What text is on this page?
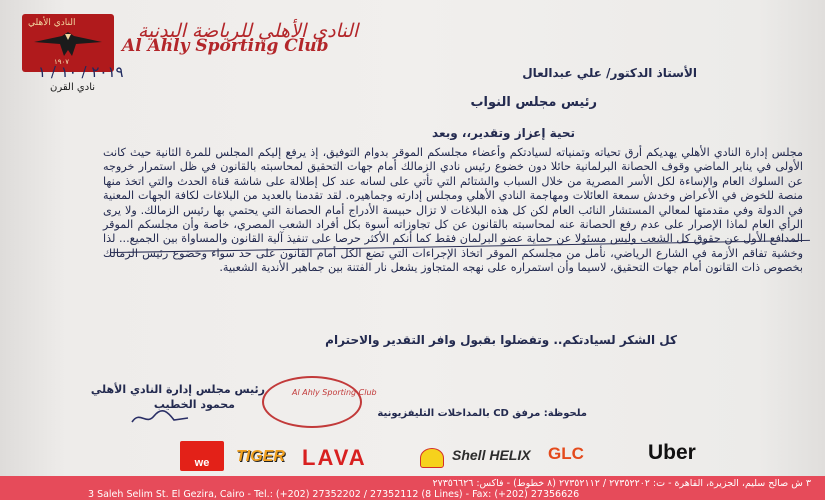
النادي الأهلي
١٩٠٧
النادي الأهلي للرياضة البدنية
Al Ahly Sporting Club
٢٠١٩ / ١٠ / ١
نادي القرن
الأستاذ الدكتور/ علي عبدالعال
رئيس مجلس النواب
تحية إعزاز وتقدير،، وبعد
مجلس إدارة النادي الأهلي يهديكم أرق تحياته وتمنياته لسيادتكم وأعضاء مجلسكم الموقر بدوام التوفيق، إذ يرفع إليكم المجلس للمرة الثانية حيث كانت الأولى في يناير الماضي وقوف الحصانة البرلمانية حائلا دون خضوع رئيس نادي الزمالك أمام جهات التحقيق لمحاسبته بالقانون في ظل استمرار خروجه عن السلوك العام والإساءة لكل الأسر المصرية من خلال السباب والشتائم التي تأتي على لسانه عند كل إطلالة على شاشة قناة الحدث والتي اتخذ منها منصة للخوض في الأعراض وخدش سمعة العائلات ومهاجمة النادي الأهلي ومجلس إدارته وجماهيره. لقد تقدمنا بالعديد من البلاغات لكافة الجهات المعنية في الدولة وفي مقدمتها لمعالي المستشار النائب العام لكن كل هذه البلاغات لا تزال حبيسة الأدراج أمام الحصانة التي يحتمي بها رئيس الزمالك. ولا يرى الرأي العام لماذا الإصرار على عدم رفع الحصانة عنه لمحاسبته بالقانون عن كل تجاوزاته أسوة بكل أفراد الشعب المصري، خاصة وأن مجلسكم الموقر المدافع الأول عن حقوق كل الشعب وليس مسئولا عن حماية عضو البرلمان فقط كما أنكم الأكثر حرصا على تنفيذ آلية القانون والمساواة بين الجميع... لذا وخشية تفاقم الأزمة في الشارع الرياضي، نأمل من مجلسكم الموقر اتخاذ الإجراءات التي تضع الكل أمام القانون على حد سواء وخضوع رئيس الزمالك بخصوص ذات القانون أمام جهات التحقيق، لاسيما وأن استمراره على نهجه المتجاوز يشعل نار الفتنة بين جماهير الأندية الشعبية.
كل الشكر لسيادتكم.. وتفضلوا بقبول وافر التقدير والاحترام
رئيس مجلس إدارة النادي الأهلي
محمود الخطيب
Al Ahly Sporting Club
ملحوظة: مرفق CD بالمداخلات التليفزيونية
we	TIGER LAVA	Shell HELIX GLC	Uber
٣ ش صالح سليم، الجزيرة، القاهرة - ت: ٢٧٣٥٢٢٠٢ / ٢٧٣٥٢١١٢ (٨ خطوط) - فاكس: ٢٧٣٥٦٦٢٦
3 Saleh Selim St. El Gezira, Cairo - Tel.: (+202) 27352202 / 27352112 (8 Lines) - Fax: (+202) 27356626
